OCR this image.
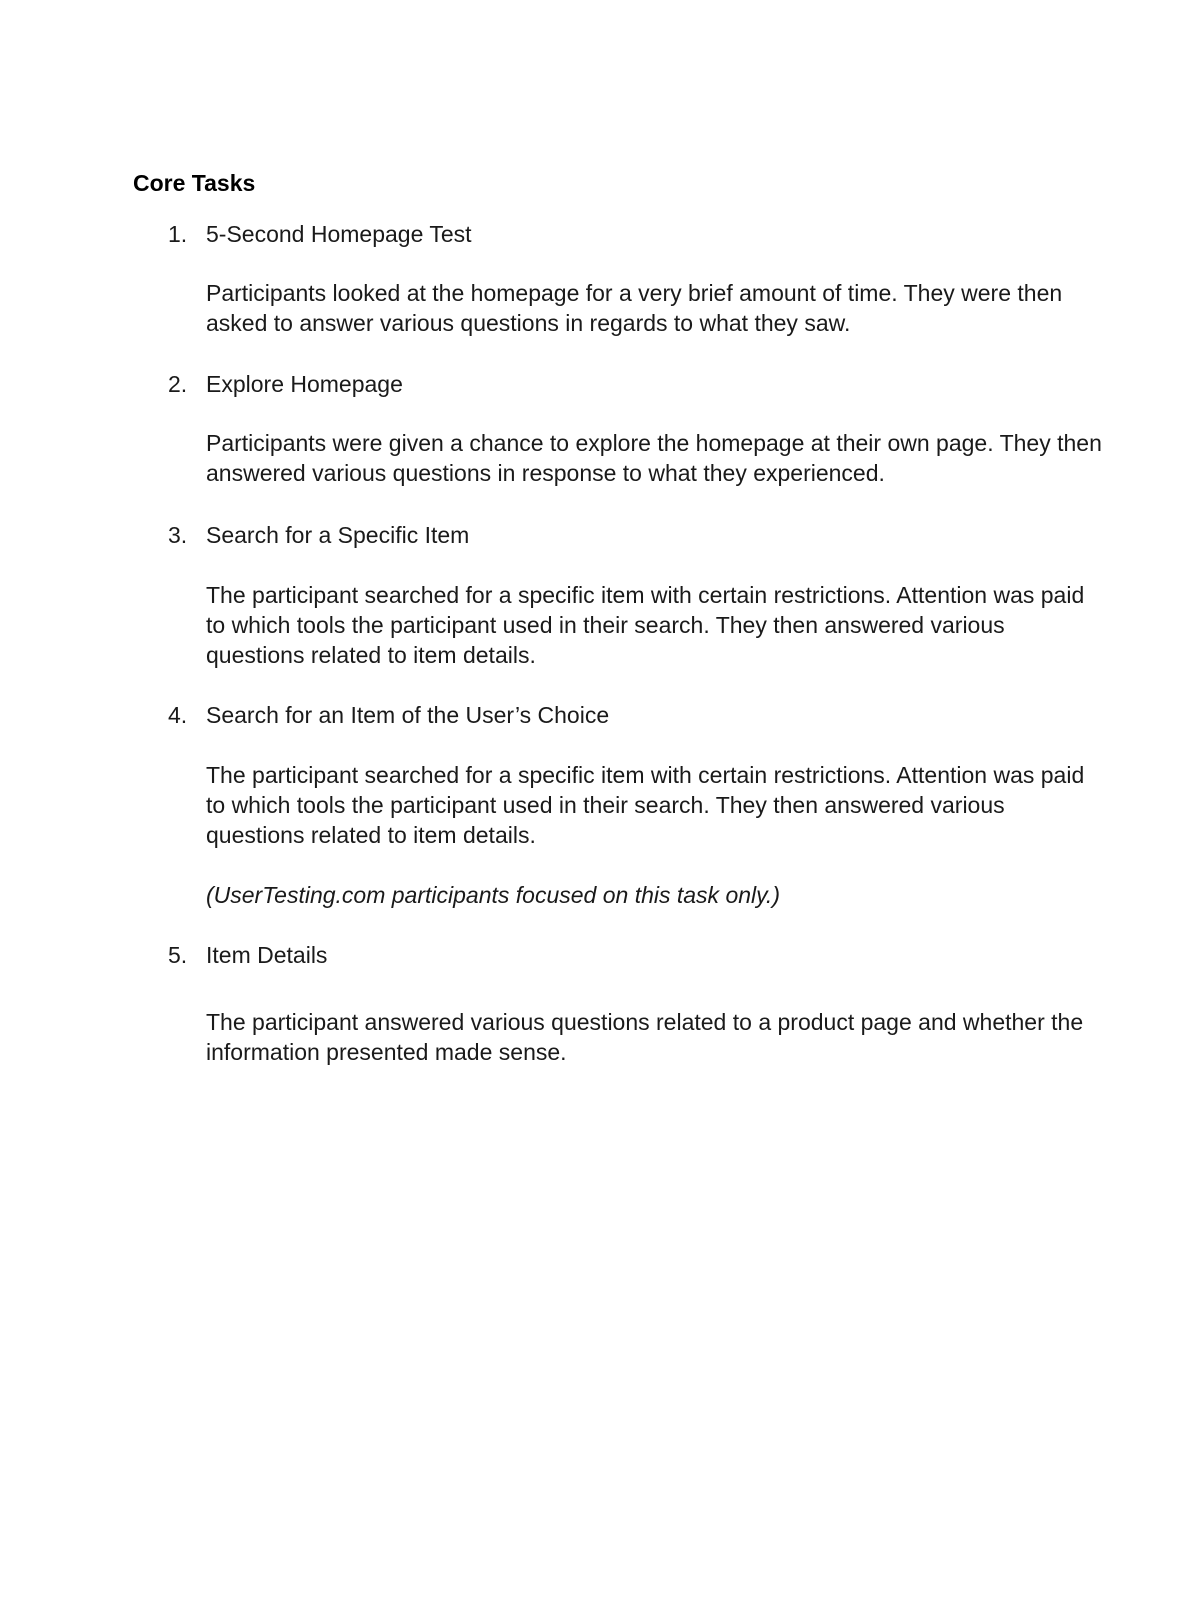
Core Tasks
1. 5-Second Homepage Test

Participants looked at the homepage for a very brief amount of time. They were then asked to answer various questions in regards to what they saw.

2. Explore Homepage

Participants were given a chance to explore the homepage at their own page. They then answered various questions in response to what they experienced.

3. Search for a Specific Item

The participant searched for a specific item with certain restrictions. Attention was paid to which tools the participant used in their search. They then answered various questions related to item details.

4. Search for an Item of the User’s Choice

The participant searched for a specific item with certain restrictions. Attention was paid to which tools the participant used in their search. They then answered various questions related to item details.

(UserTesting.com participants focused on this task only.)

5. Item Details

The participant answered various questions related to a product page and whether the information presented made sense.
